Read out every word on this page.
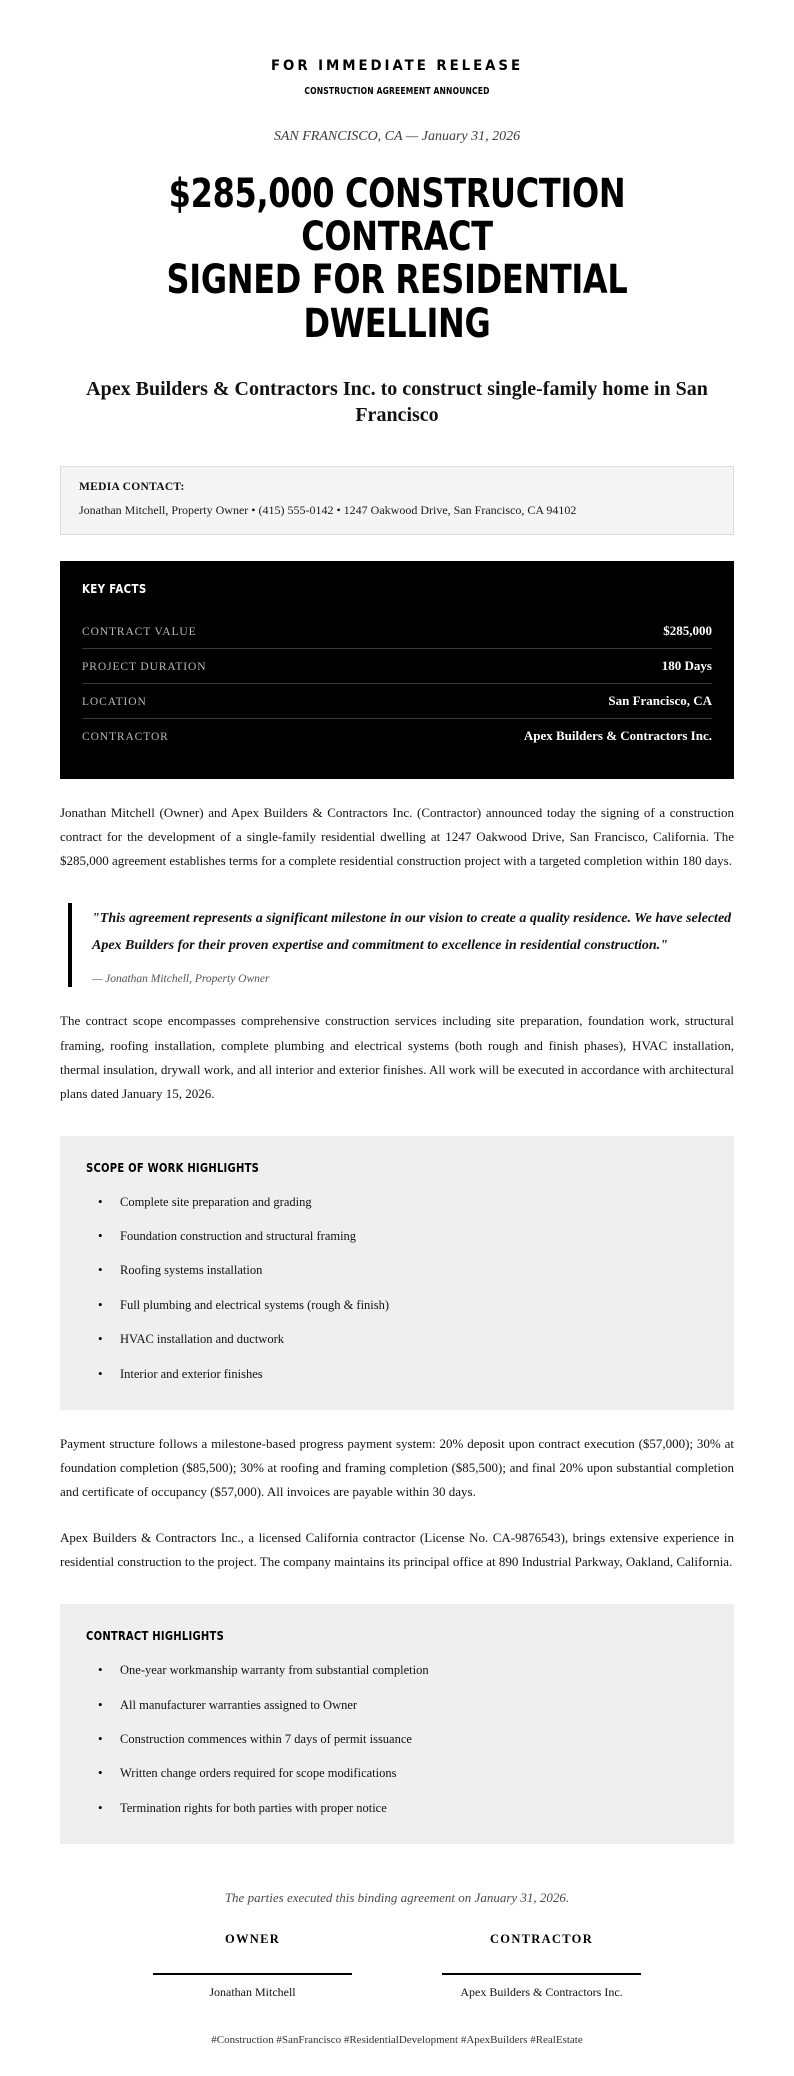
FOR IMMEDIATE RELEASE
CONSTRUCTION AGREEMENT ANNOUNCED
SAN FRANCISCO, CA — January 31, 2026
$285,000 CONSTRUCTION CONTRACT
SIGNED FOR RESIDENTIAL DWELLING
Apex Builders & Contractors Inc. to construct single-family home in San Francisco
MEDIA CONTACT:
Jonathan Mitchell, Property Owner • (415) 555-0142 • 1247 Oakwood Drive, San Francisco, CA 94102
KEY FACTS
CONTRACT VALUE	$285,000
PROJECT DURATION	180 Days
LOCATION	San Francisco, CA
CONTRACTOR	Apex Builders & Contractors Inc.

Jonathan Mitchell (Owner) and Apex Builders & Contractors Inc. (Contractor) announced today the signing of a construction contract for the development of a single-family residential dwelling at 1247 Oakwood Drive, San Francisco, California. The $285,000 agreement establishes terms for a complete residential construction project with a targeted completion within 180 days.

"This agreement represents a significant milestone in our vision to create a quality residence. We have selected Apex Builders for their proven expertise and commitment to excellence in residential construction."
— Jonathan Mitchell, Property Owner

The contract scope encompasses comprehensive construction services including site preparation, foundation work, structural framing, roofing installation, complete plumbing and electrical systems (both rough and finish phases), HVAC installation, thermal insulation, drywall work, and all interior and exterior finishes. All work will be executed in accordance with architectural plans dated January 15, 2026.

SCOPE OF WORK HIGHLIGHTS
• Complete site preparation and grading
• Foundation construction and structural framing
• Roofing systems installation
• Full plumbing and electrical systems (rough & finish)
• HVAC installation and ductwork
• Interior and exterior finishes

Payment structure follows a milestone-based progress payment system: 20% deposit upon contract execution ($57,000); 30% at foundation completion ($85,500); 30% at roofing and framing completion ($85,500); and final 20% upon substantial completion and certificate of occupancy ($57,000). All invoices are payable within 30 days.

Apex Builders & Contractors Inc., a licensed California contractor (License No. CA-9876543), brings extensive experience in residential construction to the project. The company maintains its principal office at 890 Industrial Parkway, Oakland, California.

CONTRACT HIGHLIGHTS
• One-year workmanship warranty from substantial completion
• All manufacturer warranties assigned to Owner
• Construction commences within 7 days of permit issuance
• Written change orders required for scope modifications
• Termination rights for both parties with proper notice
The parties executed this binding agreement on January 31, 2026.
OWNER
Jonathan Mitchell
CONTRACTOR
Apex Builders & Contractors Inc.
#Construction #SanFrancisco #ResidentialDevelopment #ApexBuilders #RealEstate
